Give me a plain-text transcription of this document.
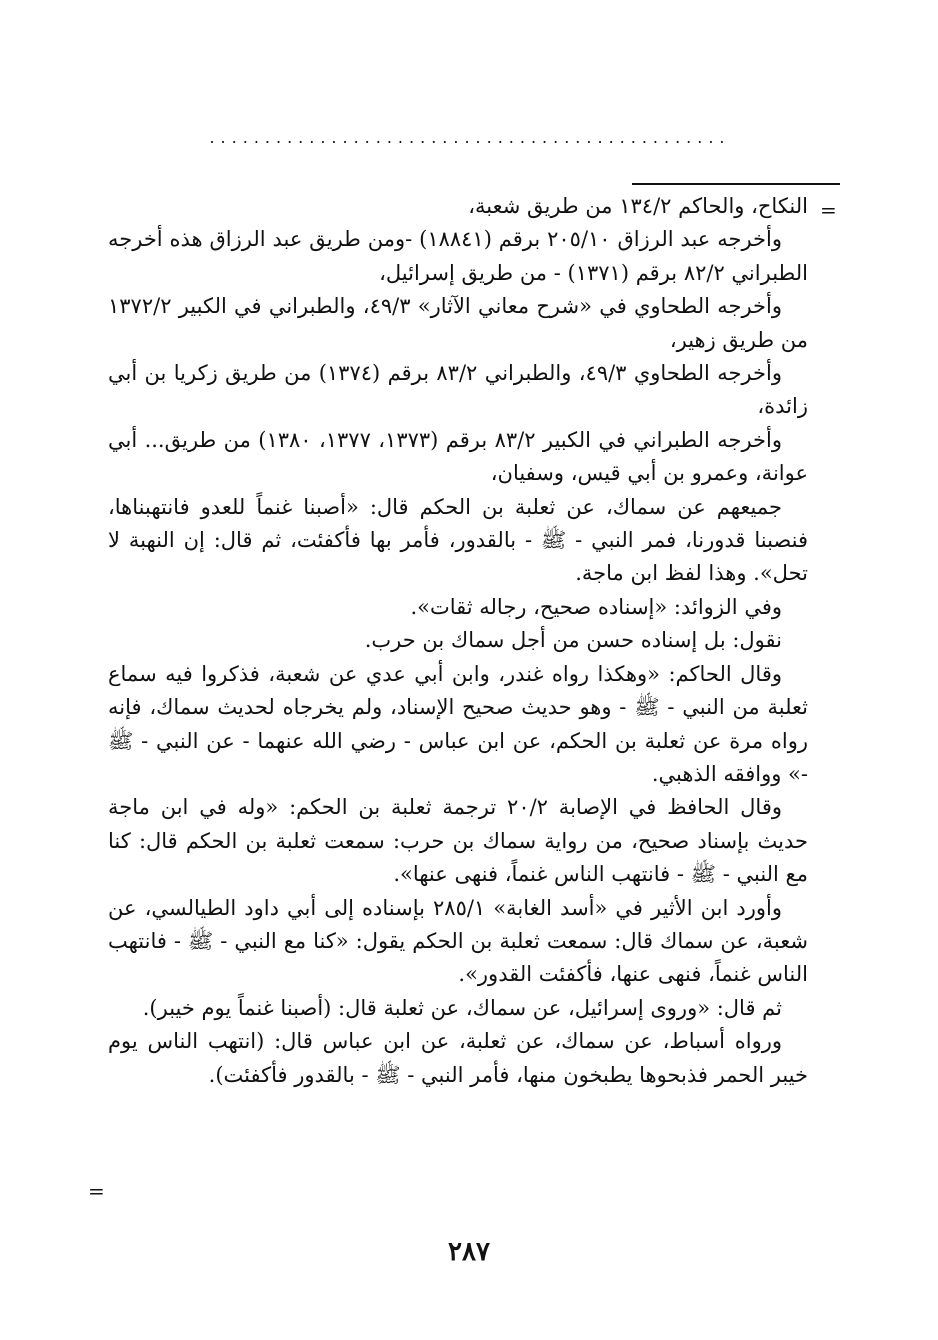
...............................................
=

النكاح، والحاكم ١٣٤/٢ من طريق شعبة،

وأخرجه عبد الرزاق ٢٠٥/١٠ برقم (١٨٨٤١) -ومن طريق عبد الرزاق هذه أخرجه الطبراني ٨٢/٢ برقم (١٣٧١) - من طريق إسرائيل،

وأخرجه الطحاوي في «شرح معاني الآثار» ٤٩/٣، والطبراني في الكبير ١٣٧٢/٢ من طريق زهير،

وأخرجه الطحاوي ٤٩/٣، والطبراني ٨٣/٢ برقم (١٣٧٤) من طريق زكريا بن أبي زائدة،

وأخرجه الطبراني في الكبير ٨٣/٢ برقم (١٣٧٣، ١٣٧٧، ١٣٨٠) من طريق... أبي عوانة، وعمرو بن أبي قيس، وسفيان،

جميعهم عن سماك، عن ثعلبة بن الحكم قال: «أصبنا غنماً للعدو فانتهبناها، فنصبنا قدورنا، فمر النبي - ﷺ - بالقدور، فأمر بها فأكفئت، ثم قال: إن النهبة لا تحل». وهذا لفظ ابن ماجة.

وفي الزوائد: «إسناده صحيح، رجاله ثقات».

نقول: بل إسناده حسن من أجل سماك بن حرب.

وقال الحاكم: «وهكذا رواه غندر، وابن أبي عدي عن شعبة، فذكروا فيه سماع ثعلبة من النبي - ﷺ - وهو حديث صحيح الإسناد، ولم يخرجاه لحديث سماك، فإنه رواه مرة عن ثعلبة بن الحكم، عن ابن عباس - رضي الله عنهما - عن النبي - ﷺ -» ووافقه الذهبي.

وقال الحافظ في الإصابة ٢٠/٢ ترجمة ثعلبة بن الحكم: «وله في ابن ماجة حديث بإسناد صحيح، من رواية سماك بن حرب: سمعت ثعلبة بن الحكم قال: كنا مع النبي - ﷺ - فانتهب الناس غنماً، فنهى عنها».

وأورد ابن الأثير في «أسد الغابة» ٢٨٥/١ بإسناده إلى أبي داود الطيالسي، عن شعبة، عن سماك قال: سمعت ثعلبة بن الحكم يقول: «كنا مع النبي - ﷺ - فانتهب الناس غنماً، فنهى عنها، فأكفئت القدور».

ثم قال: «وروى إسرائيل، عن سماك، عن ثعلبة قال: (أصبنا غنماً يوم خيبر).

ورواه أسباط، عن سماك، عن ثعلبة، عن ابن عباس قال: (انتهب الناس يوم خيبر الحمر فذبحوها يطبخون منها، فأمر النبي - ﷺ - بالقدور فأكفئت).

=
٢٨٧
